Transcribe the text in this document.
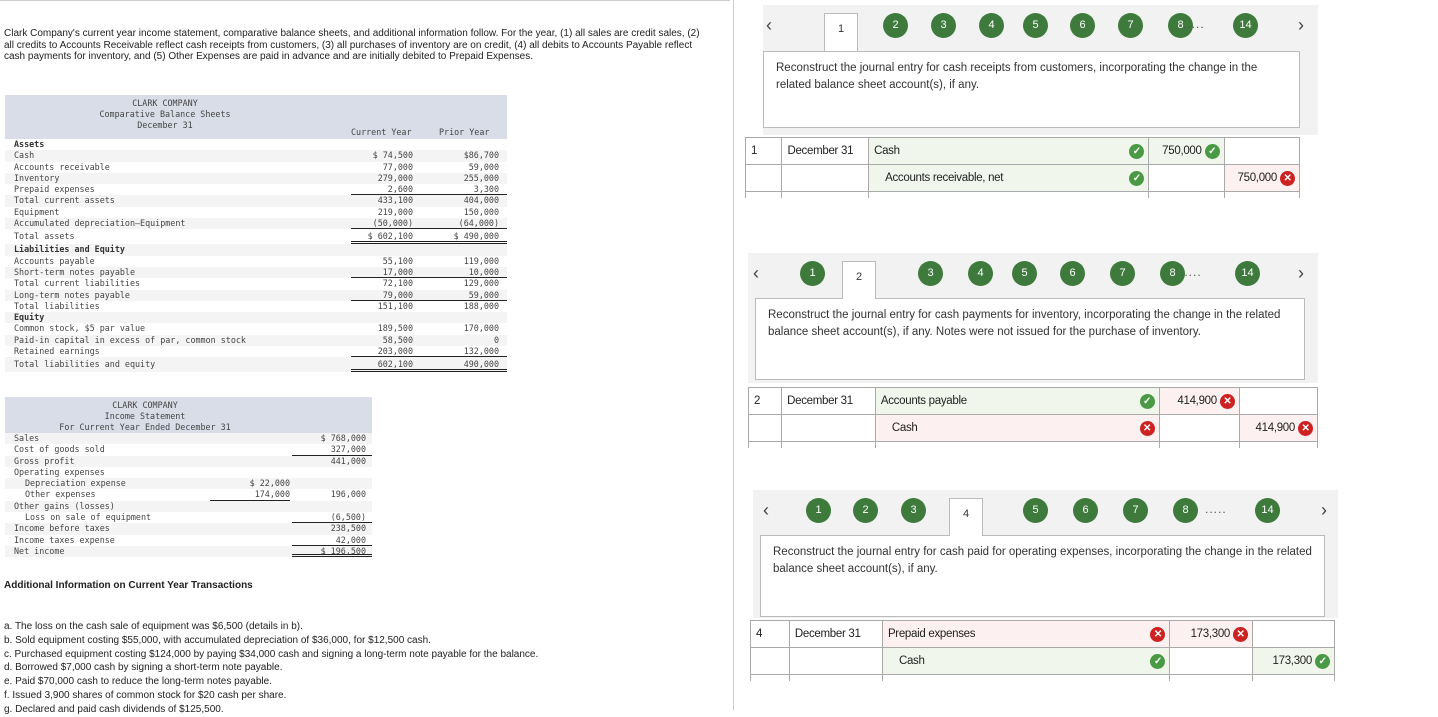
Clark Company's current year income statement, comparative balance sheets, and additional information follow. For the year, (1) all sales are credit sales, (2) all credits to Accounts Receivable reflect cash receipts from customers, (3) all purchases of inventory are on credit, (4) all debits to Accounts Payable reflect cash payments for inventory, and (5) Other Expenses are paid in advance and are initially debited to Prepaid Expenses.
CLARK COMPANY
Comparative Balance Sheets
December 31
Current Year	Prior Year
Assets
Cash	$ 74,500	$86,700
Accounts receivable	77,000	59,000
Inventory	279,000	255,000
Prepaid expenses	2,600	3,300
Total current assets	433,100	404,000
Equipment	219,000	150,000
Accumulated depreciation—Equipment	(50,000)	(64,000)
Total assets	$ 602,100	$ 490,000
Liabilities and Equity
Accounts payable	55,100	119,000
Short-term notes payable	17,000	10,000
Total current liabilities	72,100	129,000
Long-term notes payable	79,000	59,000
Total liabilities	151,100	188,000
Equity
Common stock, $5 par value	189,500	170,000
Paid-in capital in excess of par, common stock	58,500	0
Retained earnings	203,000	132,000
Total liabilities and equity	602,100	490,000
CLARK COMPANY
Income Statement
For Current Year Ended December 31
Sales	$ 768,000
Cost of goods sold	327,000
Gross profit	441,000
Operating expenses
Depreciation expense	$ 22,000
Other expenses	174,000	196,000
Other gains (losses)
Loss on sale of equipment	(6,500)
Income before taxes	238,500
Income taxes expense	42,000
Net income	$ 196,500
Additional Information on Current Year Transactions
a. The loss on the cash sale of equipment was $6,500 (details in b).
b. Sold equipment costing $55,000, with accumulated depreciation of $36,000, for $12,500 cash.
c. Purchased equipment costing $124,000 by paying $34,000 cash and signing a long-term note payable for the balance.
d. Borrowed $7,000 cash by signing a short-term note payable.
e. Paid $70,000 cash to reduce the long-term notes payable.
f. Issued 3,900 shares of common stock for $20 cash per share.
g. Declared and paid cash dividends of $125,500.
‹	1	2	3	4	5	6	7	8	14
.....	›
Reconstruct the journal entry for cash receipts from customers, incorporating the change in the related balance sheet account(s), if any.
1	December 31	Cash ✓	750,000 ✓	

		Accounts receivable, net ✓		750,000 ✕

‹	1	2	3	4	5	6	7	8	14
.....	›
Reconstruct the journal entry for cash payments for inventory, incorporating the change in the related balance sheet account(s), if any. Notes were not issued for the purchase of inventory.
2	December 31	Accounts payable ✓	414,900 ✕	

		Cash ✕		414,900 ✕

‹	1	2	3	4	5	6	7	8	14
.....	›
Reconstruct the journal entry for cash paid for operating expenses, incorporating the change in the related balance sheet account(s), if any.
4	December 31	Prepaid expenses ✕	173,300 ✕	

		Cash ✓		173,300 ✓
